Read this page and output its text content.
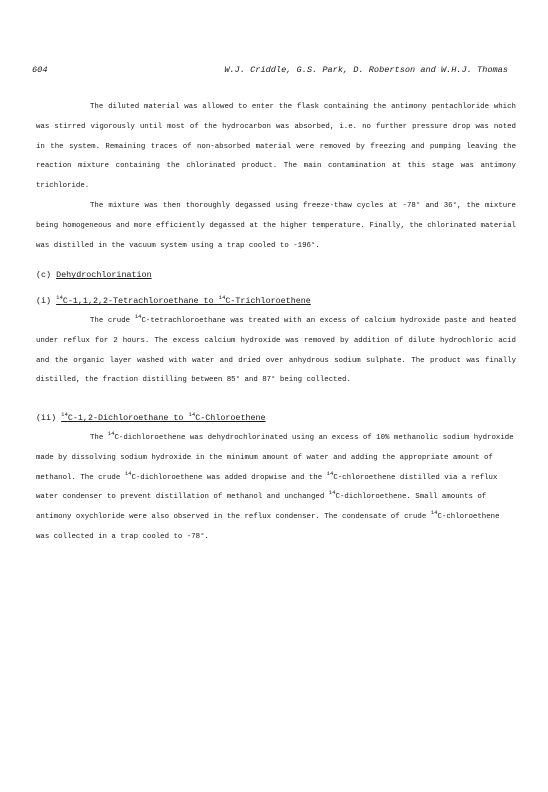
604	W.J. Criddle, G.S. Park, D. Robertson and W.H.J. Thomas

The diluted material was allowed to enter the flask containing the antimony pentachloride which was stirred vigorously until most of the hydrocarbon was absorbed, i.e. no further pressure drop was noted in the system. Remaining traces of non-absorbed material were removed by freezing and pumping leaving the reaction mixture containing the chlorinated product. The main contamination at this stage was antimony trichloride.

The mixture was then thoroughly degassed using freeze-thaw cycles at -78° and 36°, the mixture being homogeneous and more efficiently degassed at the higher temperature. Finally, the chlorinated material was distilled in the vacuum system using a trap cooled to -196°.

(c) Dehydrochlorination
(i) $^{14}$C-1,1,2,2-Tetrachloroethane to $^{14}$C-Trichloroethene

The crude $^{14}$C-tetrachloroethane was treated with an excess of calcium hydroxide paste and heated under reflux for 2 hours. The excess calcium hydroxide was removed by addition of dilute hydrochloric acid and the organic layer washed with water and dried over anhydrous sodium sulphate. The product was finally distilled, the fraction distilling between 85° and 87° being collected.

(ii) $^{14}$C-1,2-Dichloroethane to $^{14}$C-Chloroethene

The $^{14}$C-dichloroethene was dehydrochlorinated using an excess of 10% methanolic sodium hydroxide made by dissolving sodium hydroxide in the minimum amount of water and adding the appropriate amount of methanol. The crude $^{14}$C-dichloroethene was added dropwise and the $^{14}$C-chloroethene distilled via a reflux water condenser to prevent distillation of methanol and unchanged $^{14}$C-dichloroethene. Small amounts of antimony oxychloride were also observed in the reflux condenser. The condensate of crude $^{14}$C-chloroethene was collected in a trap cooled to -78°.
